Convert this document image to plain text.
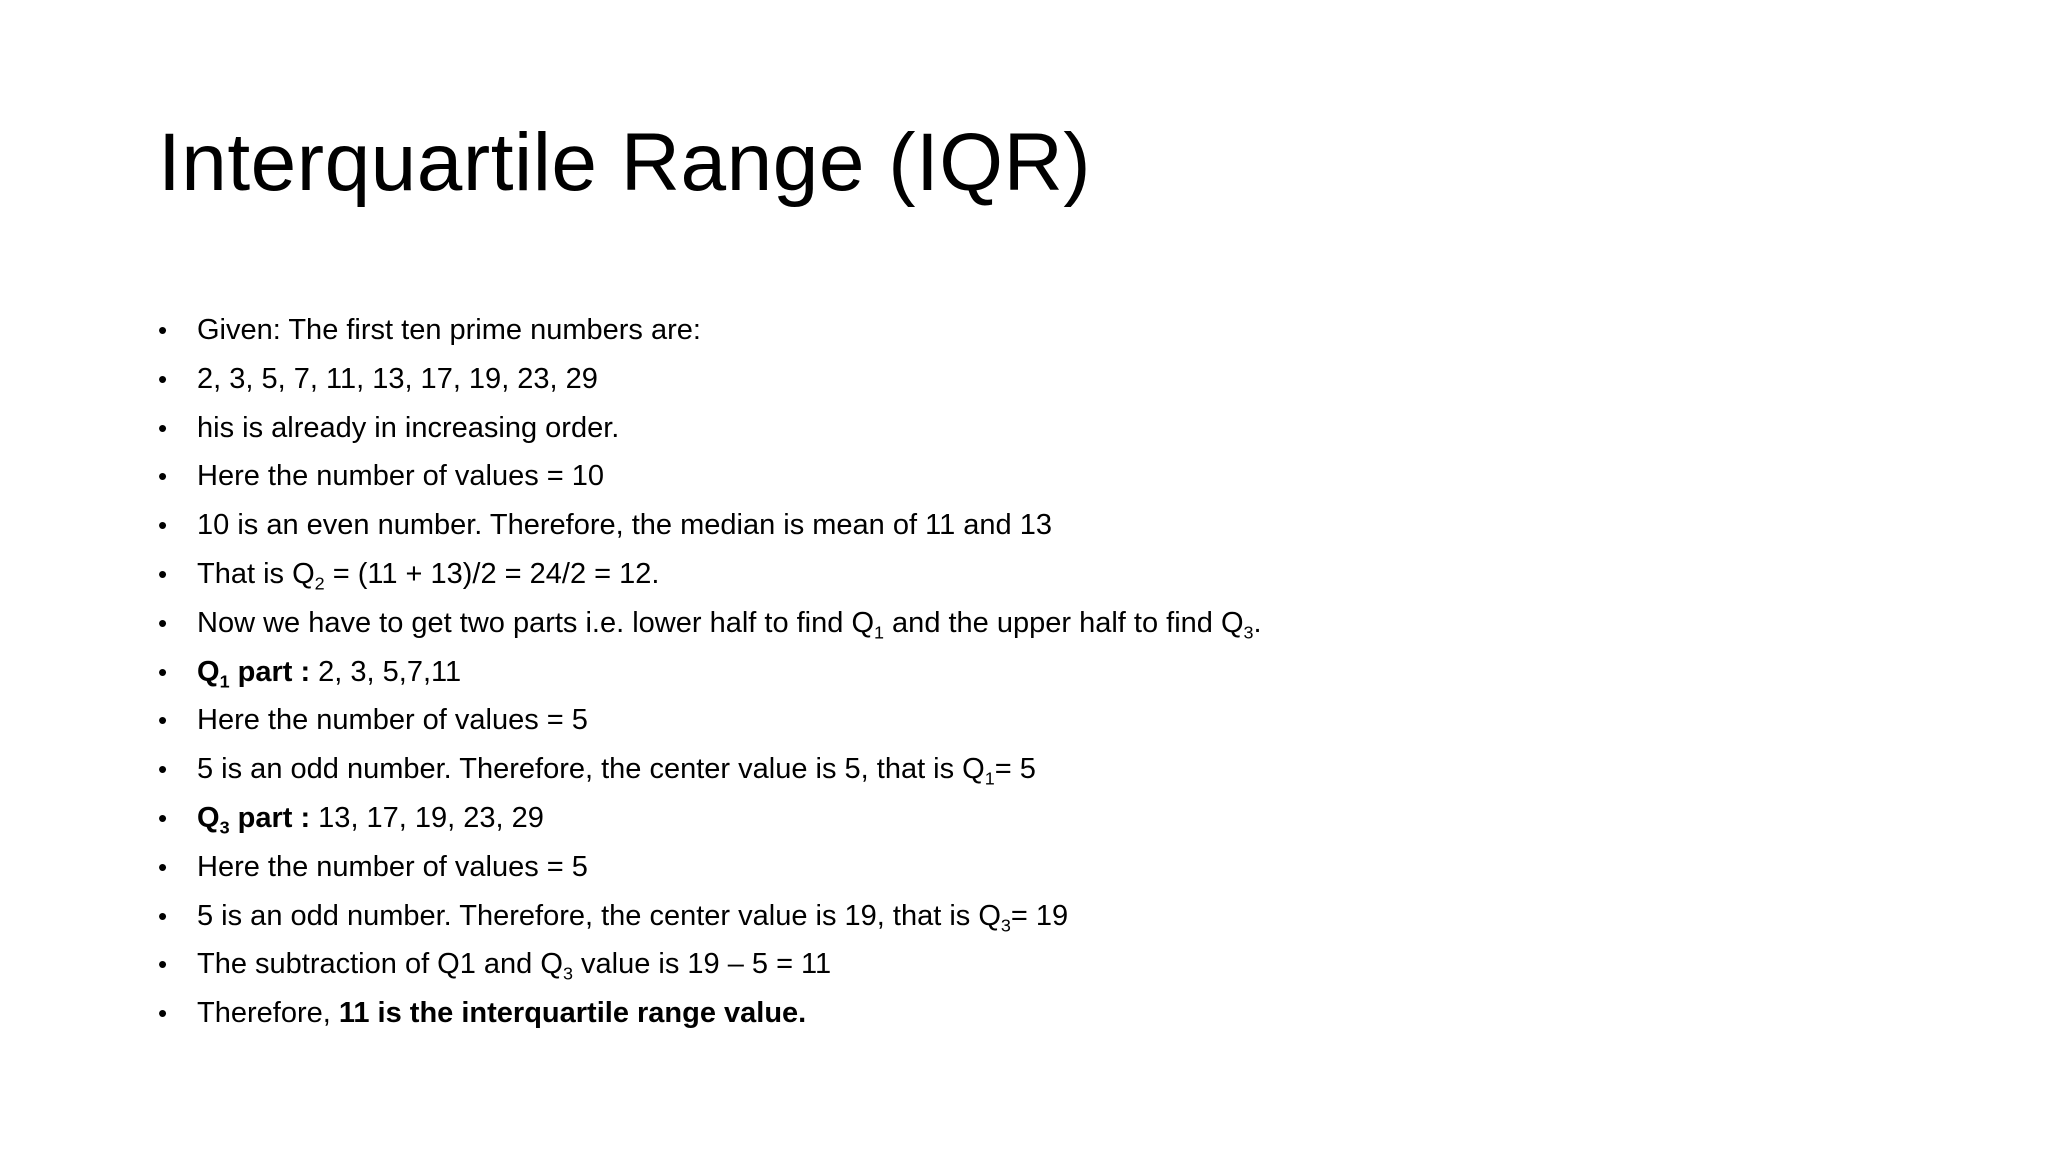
Interquartile Range (IQR)
• Given: The first ten prime numbers are:
• 2, 3, 5, 7, 11, 13, 17, 19, 23, 29
• his is already in increasing order.
• Here the number of values = 10
• 10 is an even number. Therefore, the median is mean of 11 and 13
• That is $Q_2 = (11 + 13)/2 = 24/2 = 12$.
• Now we have to get two parts i.e. lower half to find $Q_1$ and the upper half to find $Q_3$.
• $Q_1$ part : 2, 3, 5,7,11
• Here the number of values = 5
• 5 is an odd number. Therefore, the center value is 5, that is $Q_1= 5$
• $Q_3$ part : 13, 17, 19, 23, 29
• Here the number of values = 5
• 5 is an odd number. Therefore, the center value is 19, that is $Q_3= 19$
• The subtraction of Q1 and $Q_3$ value is 19 – 5 = 11
• Therefore, 11 is the interquartile range value.
